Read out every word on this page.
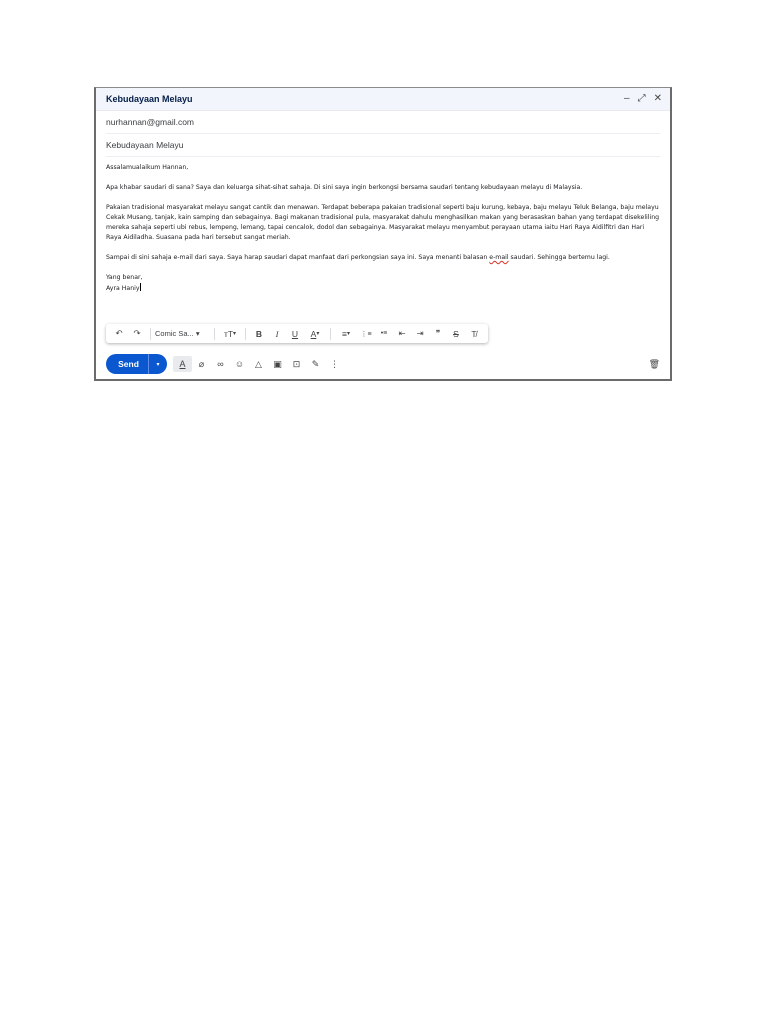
Kebudayaan Melayu	– ⤢ ✕
nurhannan@gmail.com
Kebudayaan Melayu

Assalamualaikum Hannan,

Apa khabar saudari di sana? Saya dan keluarga sihat-sihat sahaja. Di sini saya ingin berkongsi bersama saudari tentang kebudayaan melayu di Malaysia.

Pakaian tradisional masyarakat melayu sangat cantik dan menawan. Terdapat beberapa pakaian tradisional seperti baju kurung, kebaya, baju melayu Teluk Belanga, baju melayu Cekak Musang, tanjak, kain samping dan sebagainya. Bagi makanan tradisional pula, masyarakat dahulu menghasilkan makan yang berasaskan bahan yang terdapat disekeliling mereka sahaja seperti ubi rebus, lempeng, lemang, tapai cencalok, dodol dan sebagainya. Masyarakat melayu menyambut perayaan utama iaitu Hari Raya Aidilfitri dan Hari Raya Aidiladha. Suasana pada hari tersebut sangat meriah.

Sampai di sini sahaja e-mail dari saya. Saya harap saudari dapat manfaat dari perkongsian saya ini. Saya menanti balasan e-mail saudari. Sehingga bertemu lagi.

Yang benar,

Ayra Haniy

↶	↷	Comic Sa...
▾	тT ▾	B	I	U	A ▾	≡ ▾	⋮≡	•≡	⇤	⇥	❞	S	T̸
Send	▾	A	⌀	∞	☺	△	▣	⊡	✎	⋮	🗑
